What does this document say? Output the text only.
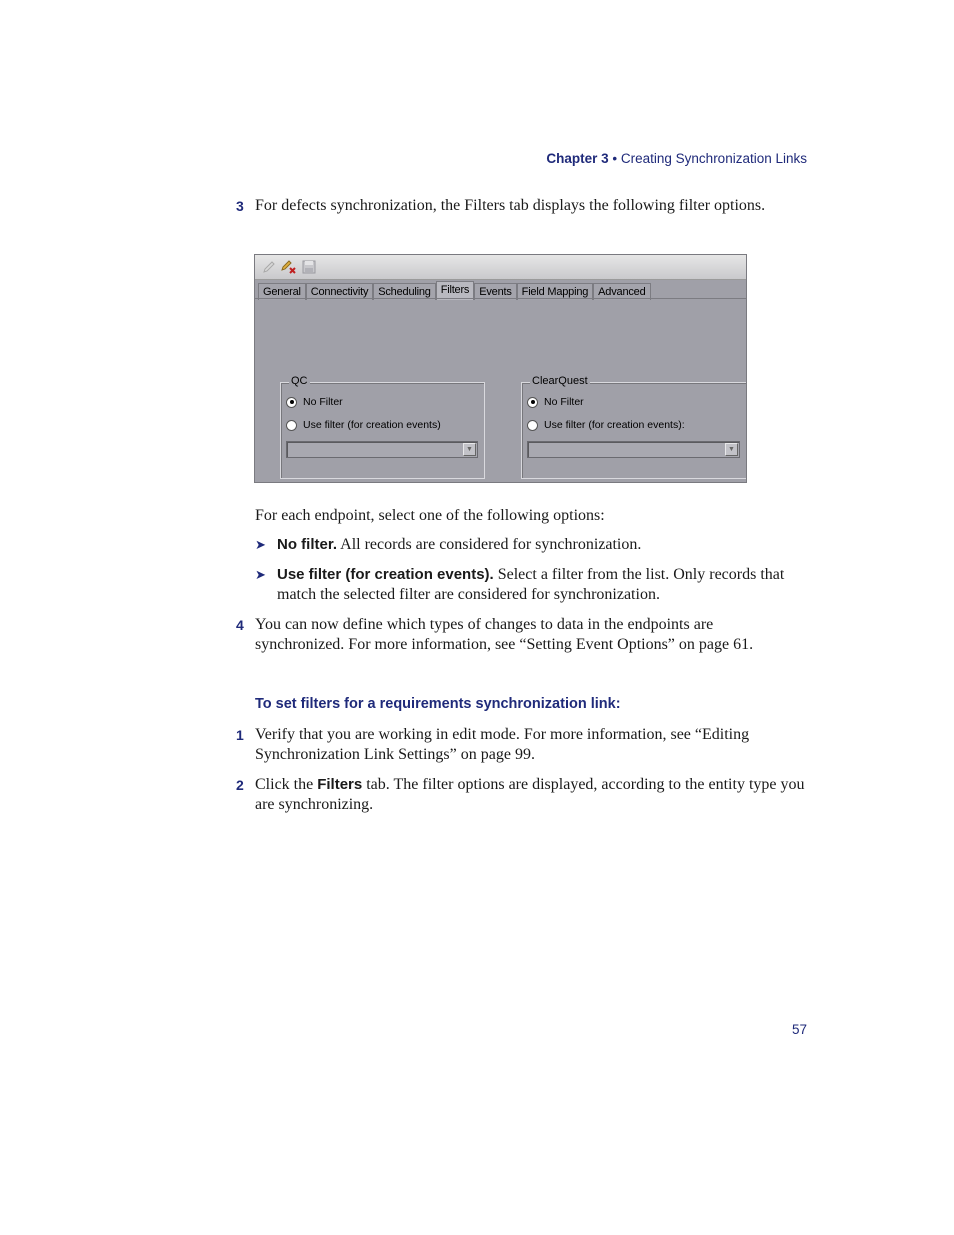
Chapter 3 • Creating Synchronization Links
3 For defects synchronization, the Filters tab displays the following filter options.
General Connectivity Scheduling Filters Events Field Mapping Advanced
QC
No Filter
Use filter (for creation events)
▼
ClearQuest
No Filter
Use filter (for creation events):
▼
For each endpoint, select one of the following options:
➤ No filter. All records are considered for synchronization.
➤ Use filter (for creation events). Select a filter from the list. Only records that match the selected filter are considered for synchronization.
4 You can now define which types of changes to data in the endpoints are synchronized. For more information, see “Setting Event Options” on page 61.
To set filters for a requirements synchronization link:
1 Verify that you are working in edit mode. For more information, see “Editing Synchronization Link Settings” on page 99.
2 Click the Filters tab. The filter options are displayed, according to the entity type you are synchronizing.
57
